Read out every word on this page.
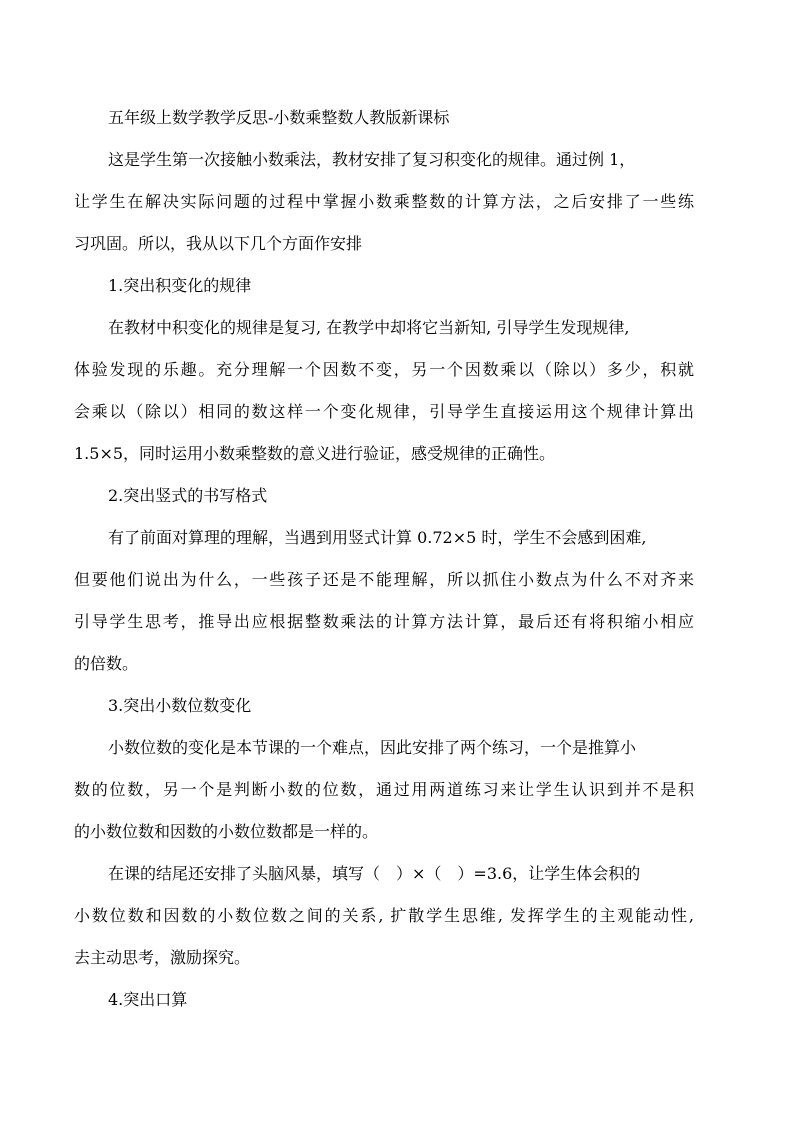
五年级上数学教学反思-小数乘整数人教版新课标
这是学生第一次接触小数乘法，教材安排了复习积变化的规律。通过例 1，
让学生在解决实际问题的过程中掌握小数乘整数的计算方法，之后安排了一些练
习巩固。所以，我从以下几个方面作安排
1.突出积变化的规律
在教材中积变化的规律是复习, 在教学中却将它当新知, 引导学生发现规律,
体验发现的乐趣。充分理解一个因数不变，另一个因数乘以（除以）多少，积就
会乘以（除以）相同的数这样一个变化规律，引导学生直接运用这个规律计算出
1.5×5，同时运用小数乘整数的意义进行验证，感受规律的正确性。
2.突出竖式的书写格式
有了前面对算理的理解，当遇到用竖式计算 0.72×5 时，学生不会感到困难,
但要他们说出为什么，一些孩子还是不能理解，所以抓住小数点为什么不对齐来
引导学生思考，推导出应根据整数乘法的计算方法计算，最后还有将积缩小相应
的倍数。
3.突出小数位数变化
小数位数的变化是本节课的一个难点，因此安排了两个练习，一个是推算小
数的位数，另一个是判断小数的位数，通过用两道练习来让学生认识到并不是积
的小数位数和因数的小数位数都是一样的。
在课的结尾还安排了头脑风暴，填写（　）×（　）=3.6，让学生体会积的
小数位数和因数的小数位数之间的关系, 扩散学生思维, 发挥学生的主观能动性,
去主动思考，激励探究。
4.突出口算
